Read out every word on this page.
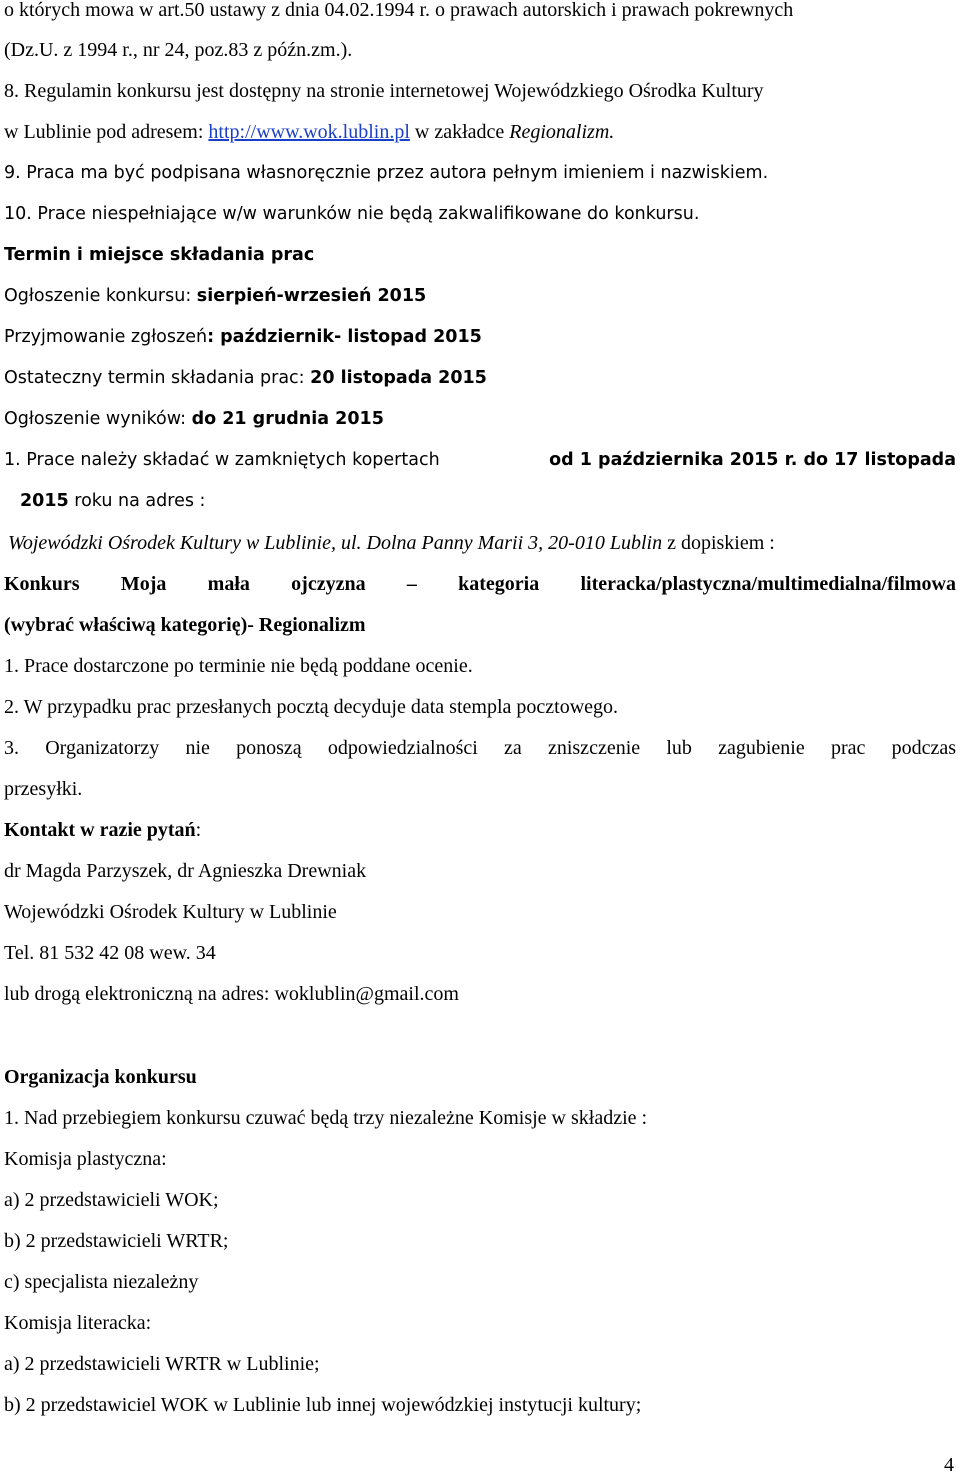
o których mowa w art.50 ustawy z dnia 04.02.1994 r. o prawach autorskich i prawach pokrewnych
(Dz.U. z 1994 r., nr 24, poz.83 z późn.zm.).
8. Regulamin konkursu jest dostępny na stronie internetowej Wojewódzkiego Ośrodka Kultury
w Lublinie pod adresem: http://www.wok.lublin.pl w zakładce Regionalizm.
9. Praca ma być podpisana własnoręcznie przez autora pełnym imieniem i nazwiskiem.
10. Prace niespełniające w/w warunków nie będą zakwalifikowane do konkursu.
Termin i miejsce składania prac
Ogłoszenie konkursu: sierpień-wrzesień 2015
Przyjmowanie zgłoszeń: październik- listopad 2015
Ostateczny termin składania prac: 20 listopada 2015
Ogłoszenie wyników: do 21 grudnia 2015
1. Prace należy składać w zamkniętych kopertach	od 1 października 2015 r. do 17 listopada
2015 roku na adres :
Wojewódzki Ośrodek Kultury w Lublinie, ul. Dolna Panny Marii 3, 20-010 Lublin z dopiskiem :
Konkurs Moja mała ojczyzna – kategoria literacka/plastyczna/multimedialna/filmowa
(wybrać właściwą kategorię)- Regionalizm
1. Prace dostarczone po terminie nie będą poddane ocenie.
2. W przypadku prac przesłanych pocztą decyduje data stempla pocztowego.
3. Organizatorzy nie ponoszą odpowiedzialności za zniszczenie lub zagubienie prac podczas
przesyłki.
Kontakt w razie pytań:
dr Magda Parzyszek, dr Agnieszka Drewniak
Wojewódzki Ośrodek Kultury w Lublinie
Tel. 81 532 42 08 wew. 34
lub drogą elektroniczną na adres: woklublin@gmail.com
Organizacja konkursu
1. Nad przebiegiem konkursu czuwać będą trzy niezależne Komisje w składzie :
Komisja plastyczna:
a) 2 przedstawicieli WOK;
b) 2 przedstawicieli WRTR;
c) specjalista niezależny
Komisja literacka:
a) 2 przedstawicieli WRTR w Lublinie;
b) 2 przedstawiciel WOK w Lublinie lub innej wojewódzkiej instytucji kultury;
4
